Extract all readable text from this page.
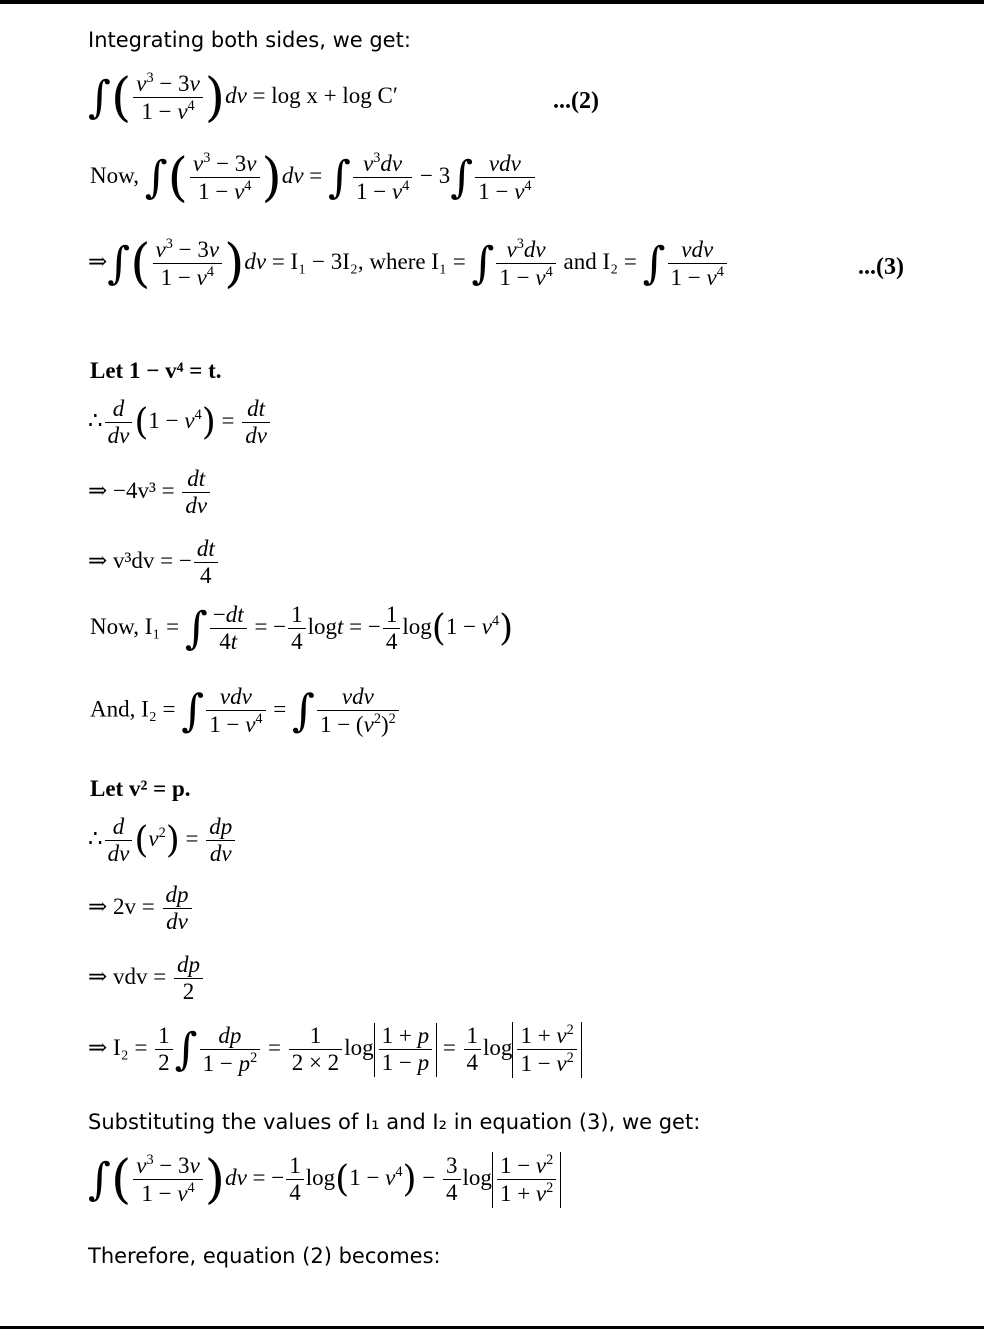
Integrating both sides, we get:
∫( $\frac{v^3 - 3v}{1 - v^4} )dv = \log x + \log C'$	...(2)
Now, ∫( $\frac{v^3 - 3v}{1 - v^4} )dv$ = ∫ $\frac{v^3dv}{1 - v^4} - 3\int \frac{\text{vdv}}{1 - v^4}$
⇒∫( $\frac{v^3 - 3v}{1 - v^4} )dv = I_1 - 3I_2$, where I₁ = ∫ $\frac{v^3dv}{1 - v^4}$ and I₂ = ∫ $\frac{\text{vdv}}{1 - v^4}$	...(3)
Let 1 − v⁴ = t.
∴ $\frac{d}{dv} (1 - v^4) = \frac{dt}{dv}$
⇒ $-4v^3 = \frac{dt}{dv}$
⇒ v³dv = − $\frac{dt}{4}$
Now, I₁ = ∫ $\frac{-dt}{4t}$ = − $\frac{1}{4}$ logt = − $\frac{1}{4} \log(1 - v^4)$
And, I₂ = ∫ $\frac{\text{vdv}}{1 - v^4}$ = ∫ $\frac{\text{vdv}}{1 - (v^2)^2}$
Let v² = p.
∴ $\frac{d}{dv} (v^2) = \frac{dp}{dv}$
⇒ $2v = \frac{dp}{dv}$
⇒ vdv = $\frac{dp}{2}$
⇒ $I_2 = \frac{1}{2}$ ∫ $\frac{dp}{1 - p^2} = \frac{1}{2 \times 2}$ $\log \frac{1 + p}{1 - p} = \frac{1}{4}$ $\log \frac{1 + v^2}{1 - v^2}$
Substituting the values of I₁ and I₂ in equation (3), we get:
∫( $\frac{v^3 - 3v}{1 - v^4} )dv$ = − $\frac{1}{4} \log(1 - v^4) - \frac{3}{4}$ $\log \frac{1 - v^2}{1 + v^2}$
Therefore, equation (2) becomes:
